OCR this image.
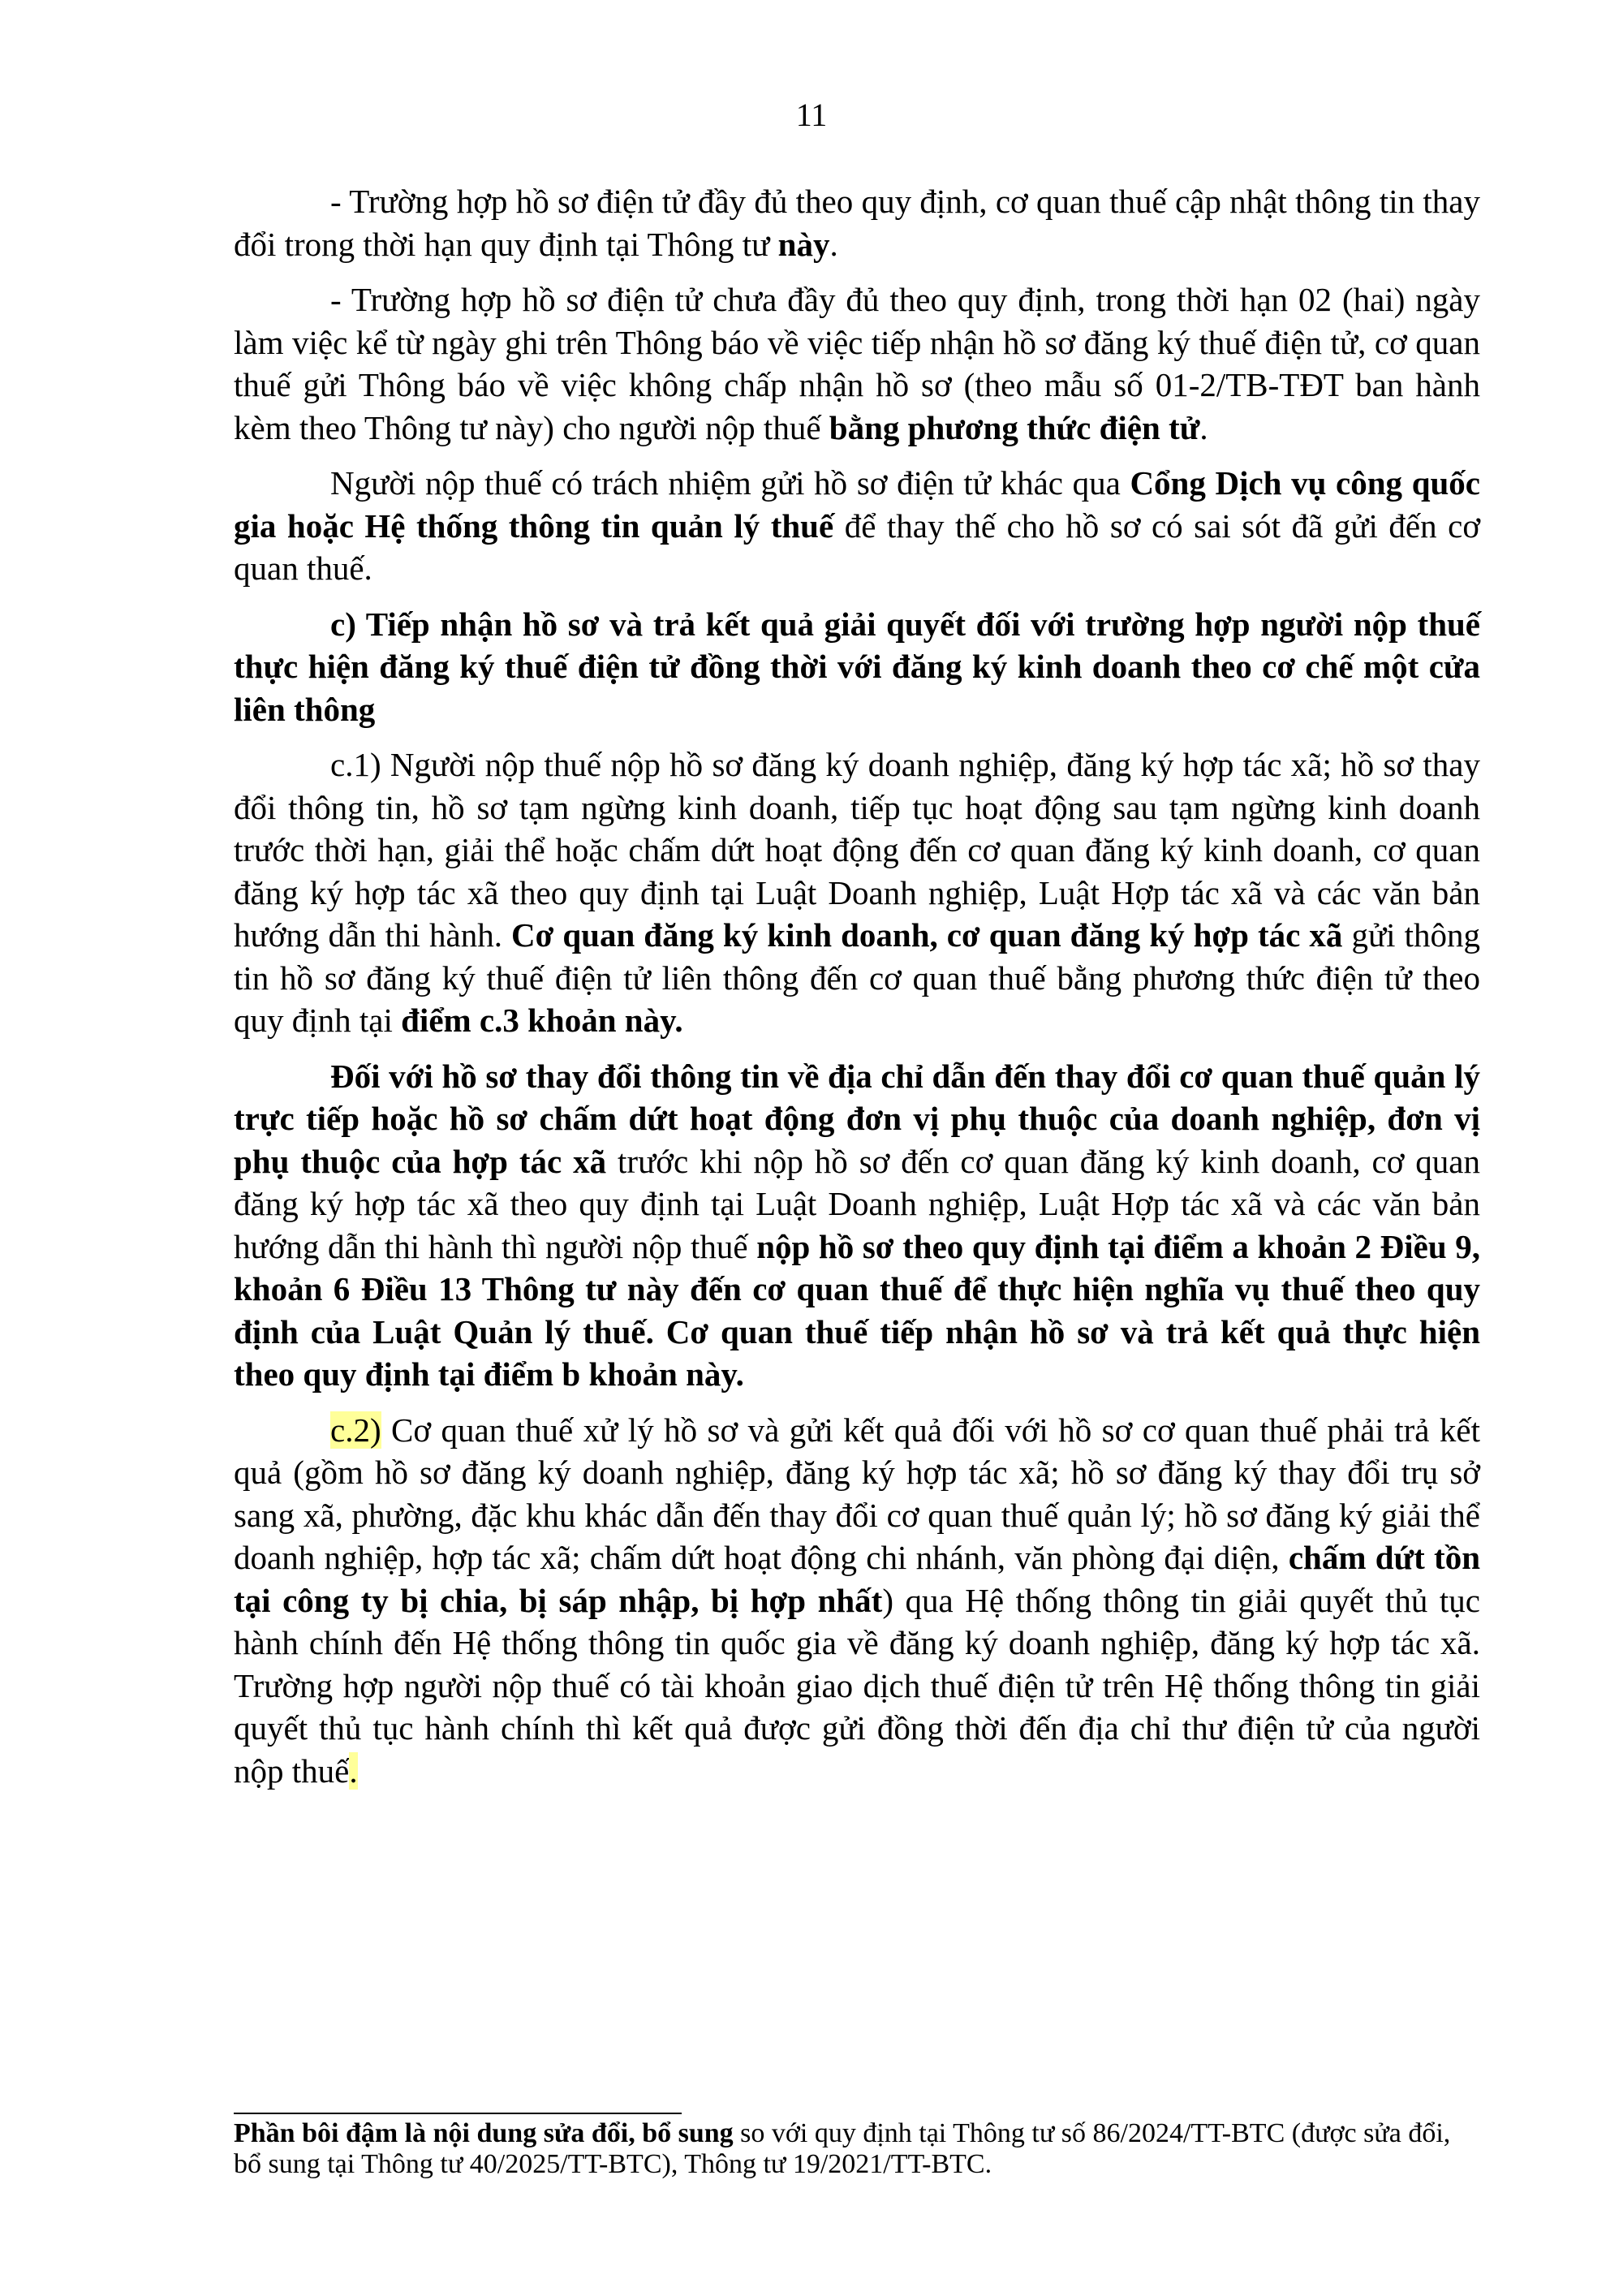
11

- Trường hợp hồ sơ điện tử đầy đủ theo quy định, cơ quan thuế cập nhật thông tin thay đổi trong thời hạn quy định tại Thông tư này.

- Trường hợp hồ sơ điện tử chưa đầy đủ theo quy định, trong thời hạn 02 (hai) ngày làm việc kể từ ngày ghi trên Thông báo về việc tiếp nhận hồ sơ đăng ký thuế điện tử, cơ quan thuế gửi Thông báo về việc không chấp nhận hồ sơ (theo mẫu số 01-2/TB-TĐT ban hành kèm theo Thông tư này) cho người nộp thuế bằng phương thức điện tử.

Người nộp thuế có trách nhiệm gửi hồ sơ điện tử khác qua Cổng Dịch vụ công quốc gia hoặc Hệ thống thông tin quản lý thuế để thay thế cho hồ sơ có sai sót đã gửi đến cơ quan thuế.

c) Tiếp nhận hồ sơ và trả kết quả giải quyết đối với trường hợp người nộp thuế thực hiện đăng ký thuế điện tử đồng thời với đăng ký kinh doanh theo cơ chế một cửa liên thông

c.1) Người nộp thuế nộp hồ sơ đăng ký doanh nghiệp, đăng ký hợp tác xã; hồ sơ thay đổi thông tin, hồ sơ tạm ngừng kinh doanh, tiếp tục hoạt động sau tạm ngừng kinh doanh trước thời hạn, giải thể hoặc chấm dứt hoạt động đến cơ quan đăng ký kinh doanh, cơ quan đăng ký hợp tác xã theo quy định tại Luật Doanh nghiệp, Luật Hợp tác xã và các văn bản hướng dẫn thi hành. Cơ quan đăng ký kinh doanh, cơ quan đăng ký hợp tác xã gửi thông tin hồ sơ đăng ký thuế điện tử liên thông đến cơ quan thuế bằng phương thức điện tử theo quy định tại điểm c.3 khoản này.

Đối với hồ sơ thay đổi thông tin về địa chỉ dẫn đến thay đổi cơ quan thuế quản lý trực tiếp hoặc hồ sơ chấm dứt hoạt động đơn vị phụ thuộc của doanh nghiệp, đơn vị phụ thuộc của hợp tác xã trước khi nộp hồ sơ đến cơ quan đăng ký kinh doanh, cơ quan đăng ký hợp tác xã theo quy định tại Luật Doanh nghiệp, Luật Hợp tác xã và các văn bản hướng dẫn thi hành thì người nộp thuế nộp hồ sơ theo quy định tại điểm a khoản 2 Điều 9, khoản 6 Điều 13 Thông tư này đến cơ quan thuế để thực hiện nghĩa vụ thuế theo quy định của Luật Quản lý thuế. Cơ quan thuế tiếp nhận hồ sơ và trả kết quả thực hiện theo quy định tại điểm b khoản này.

c.2) Cơ quan thuế xử lý hồ sơ và gửi kết quả đối với hồ sơ cơ quan thuế phải trả kết quả (gồm hồ sơ đăng ký doanh nghiệp, đăng ký hợp tác xã; hồ sơ đăng ký thay đổi trụ sở sang xã, phường, đặc khu khác dẫn đến thay đổi cơ quan thuế quản lý; hồ sơ đăng ký giải thể doanh nghiệp, hợp tác xã; chấm dứt hoạt động chi nhánh, văn phòng đại diện, chấm dứt tồn tại công ty bị chia, bị sáp nhập, bị hợp nhất) qua Hệ thống thông tin giải quyết thủ tục hành chính đến Hệ thống thông tin quốc gia về đăng ký doanh nghiệp, đăng ký hợp tác xã. Trường hợp người nộp thuế có tài khoản giao dịch thuế điện tử trên Hệ thống thông tin giải quyết thủ tục hành chính thì kết quả được gửi đồng thời đến địa chỉ thư điện tử của người nộp thuế.

Phần bôi đậm là nội dung sửa đổi, bổ sung so với quy định tại Thông tư số 86/2024/TT-BTC (được sửa đổi, bổ sung tại Thông tư 40/2025/TT-BTC), Thông tư 19/2021/TT-BTC.
